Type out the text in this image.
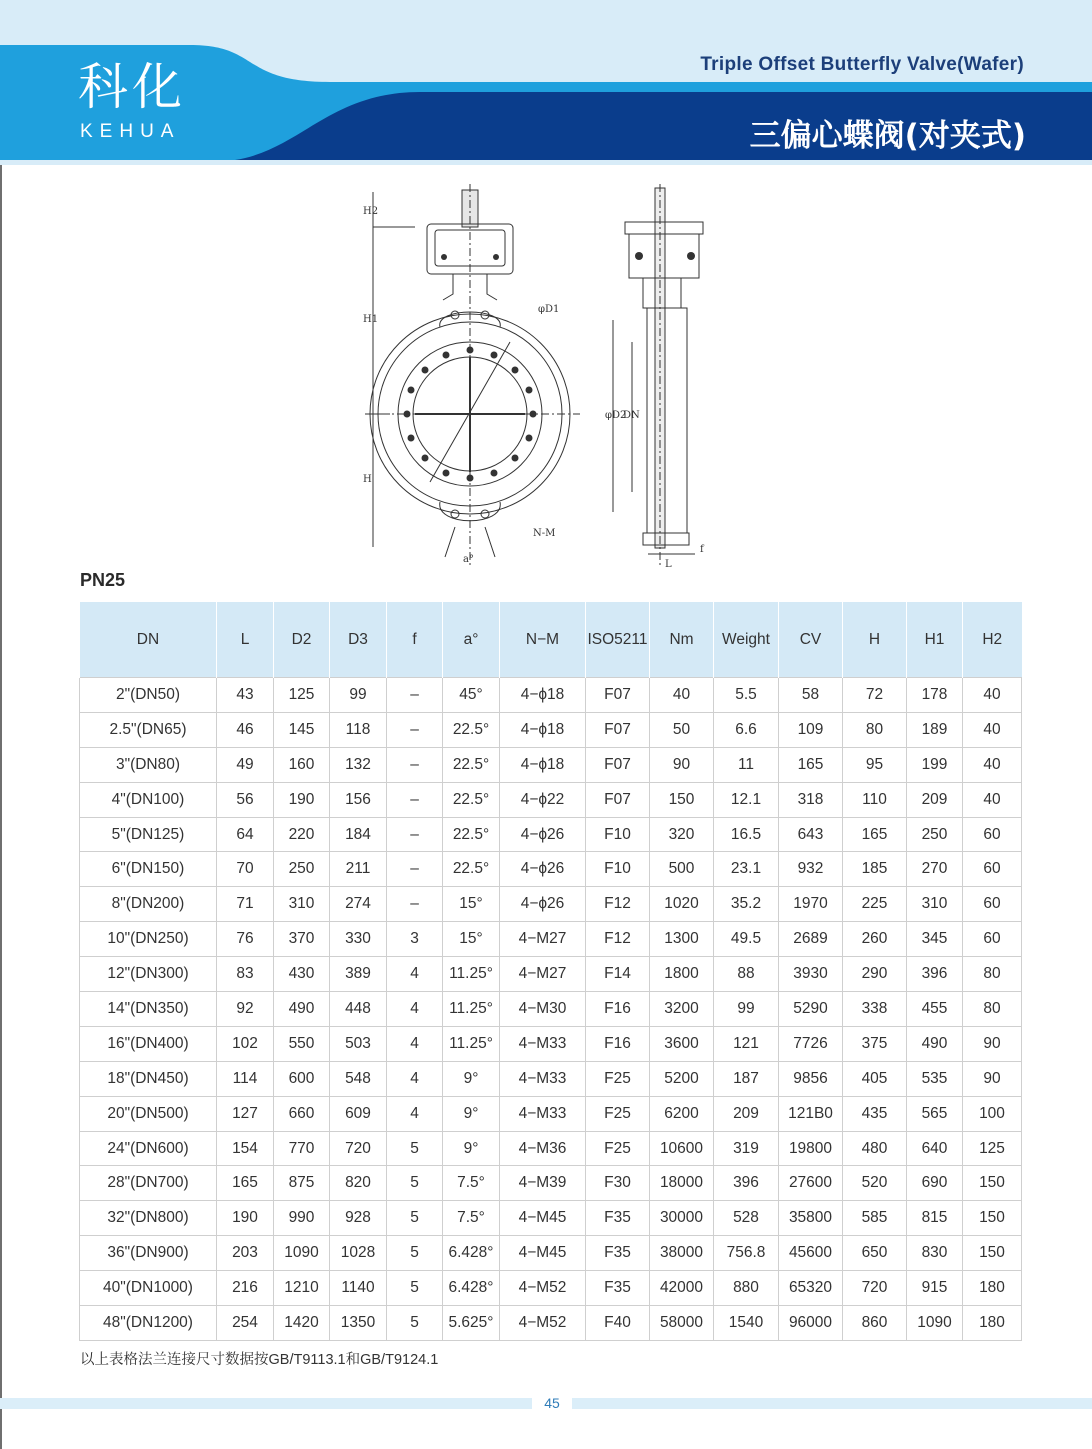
科化
KEHUA
Triple Offset Butterfly Valve(Wafer)
三偏心蝶阀(对夹式)
H2
H1
H
φD1
φD2
DN
N-M
a°	L
f
PN25
DN	L	D2	D3	f	a°	N−M	ISO5211	Nm	Weight	CV	H	H1	H2
2"(DN50)	43	125	99	–	45°	4−ϕ18	F07	40	5.5	58	72	178	40
2.5"(DN65)	46	145	118	–	22.5°	4−ϕ18	F07	50	6.6	109	80	189	40
3"(DN80)	49	160	132	–	22.5°	4−ϕ18	F07	90	11	165	95	199	40
4"(DN100)	56	190	156	–	22.5°	4−ϕ22	F07	150	12.1	318	110	209	40
5"(DN125)	64	220	184	–	22.5°	4−ϕ26	F10	320	16.5	643	165	250	60
6"(DN150)	70	250	211	–	22.5°	4−ϕ26	F10	500	23.1	932	185	270	60
8"(DN200)	71	310	274	–	15°	4−ϕ26	F12	1020	35.2	1970	225	310	60
10"(DN250)	76	370	330	3	15°	4−M27	F12	1300	49.5	2689	260	345	60
12"(DN300)	83	430	389	4	11.25°	4−M27	F14	1800	88	3930	290	396	80
14"(DN350)	92	490	448	4	11.25°	4−M30	F16	3200	99	5290	338	455	80
16"(DN400)	102	550	503	4	11.25°	4−M33	F16	3600	121	7726	375	490	90
18"(DN450)	114	600	548	4	9°	4−M33	F25	5200	187	9856	405	535	90
20"(DN500)	127	660	609	4	9°	4−M33	F25	6200	209	121B0	435	565	100
24"(DN600)	154	770	720	5	9°	4−M36	F25	10600	319	19800	480	640	125
28"(DN700)	165	875	820	5	7.5°	4−M39	F30	18000	396	27600	520	690	150
32"(DN800)	190	990	928	5	7.5°	4−M45	F35	30000	528	35800	585	815	150
36"(DN900)	203	1090	1028	5	6.428°	4−M45	F35	38000	756.8	45600	650	830	150
40"(DN1000)	216	1210	1140	5	6.428°	4−M52	F35	42000	880	65320	720	915	180
48"(DN1200)	254	1420	1350	5	5.625°	4−M52	F40	58000	1540	96000	860	1090	180
以上表格法兰连接尺寸数据按GB/T9113.1和GB/T9124.1
45
